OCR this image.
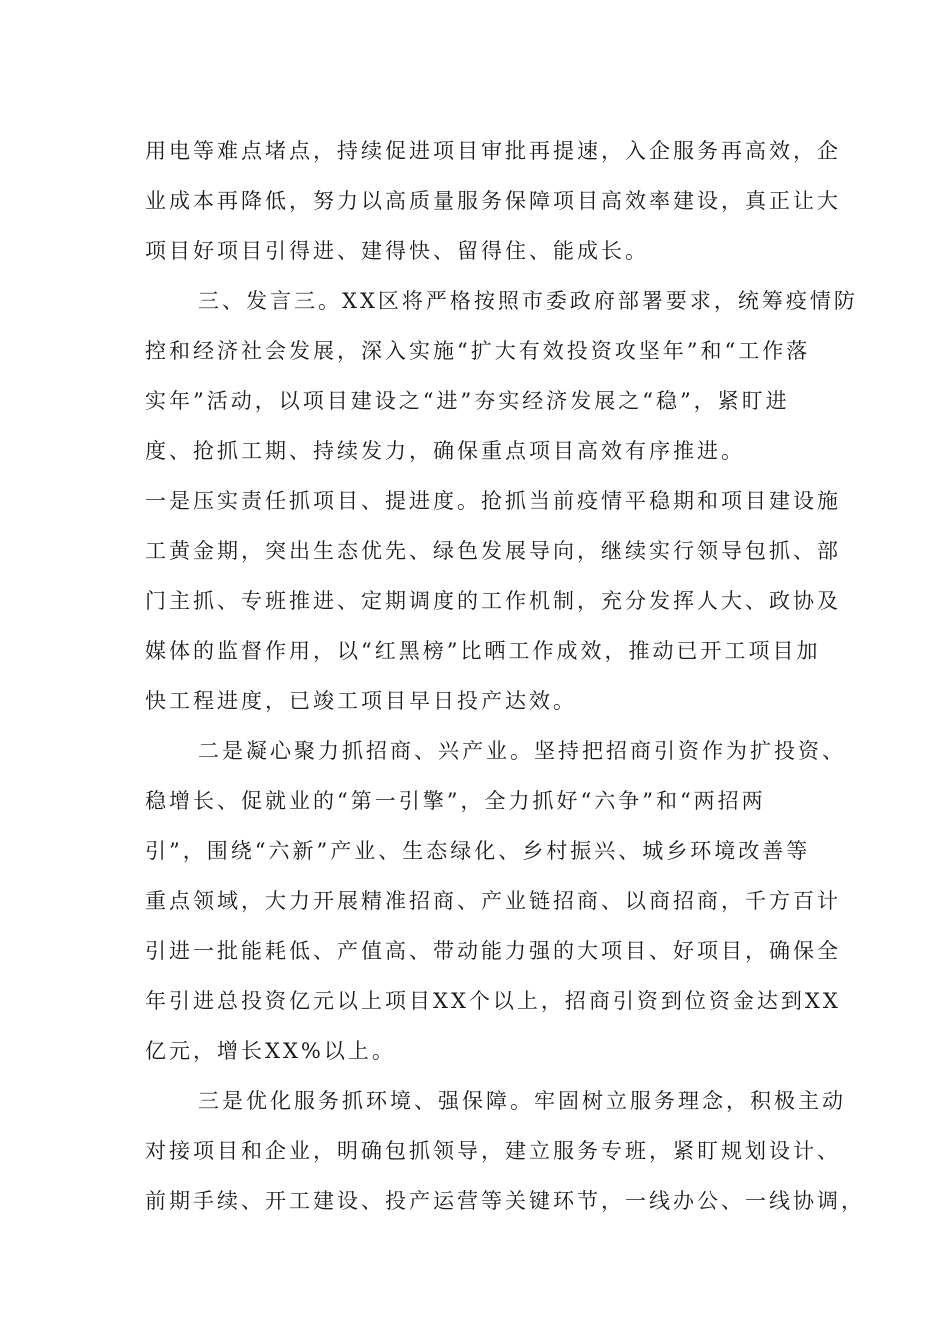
用电等难点堵点，持续促进项目审批再提速，入企服务再高效，企
业成本再降低，努力以高质量服务保障项目高效率建设，真正让大
项目好项目引得进、建得快、留得住、能成长。
三、发言三。XX区将严格按照市委政府部署要求，统筹疫情防
控和经济社会发展，深入实施“扩大有效投资攻坚年”和“工作落
实年”活动，以项目建设之“进”夯实经济发展之“稳”，紧盯进
度、抢抓工期、持续发力，确保重点项目高效有序推进。
一是压实责任抓项目、提进度。抢抓当前疫情平稳期和项目建设施
工黄金期，突出生态优先、绿色发展导向，继续实行领导包抓、部
门主抓、专班推进、定期调度的工作机制，充分发挥人大、政协及
媒体的监督作用，以“红黑榜”比晒工作成效，推动已开工项目加
快工程进度，已竣工项目早日投产达效。
二是凝心聚力抓招商、兴产业。坚持把招商引资作为扩投资、
稳增长、促就业的“第一引擎”，全力抓好“六争”和“两招两
引”，围绕“六新”产业、生态绿化、乡村振兴、城乡环境改善等
重点领域，大力开展精准招商、产业链招商、以商招商，千方百计
引进一批能耗低、产值高、带动能力强的大项目、好项目，确保全
年引进总投资亿元以上项目XX个以上，招商引资到位资金达到XX
亿元，增长XX%以上。
三是优化服务抓环境、强保障。牢固树立服务理念，积极主动
对接项目和企业，明确包抓领导，建立服务专班，紧盯规划设计、
前期手续、开工建设、投产运营等关键环节，一线办公、一线协调，
